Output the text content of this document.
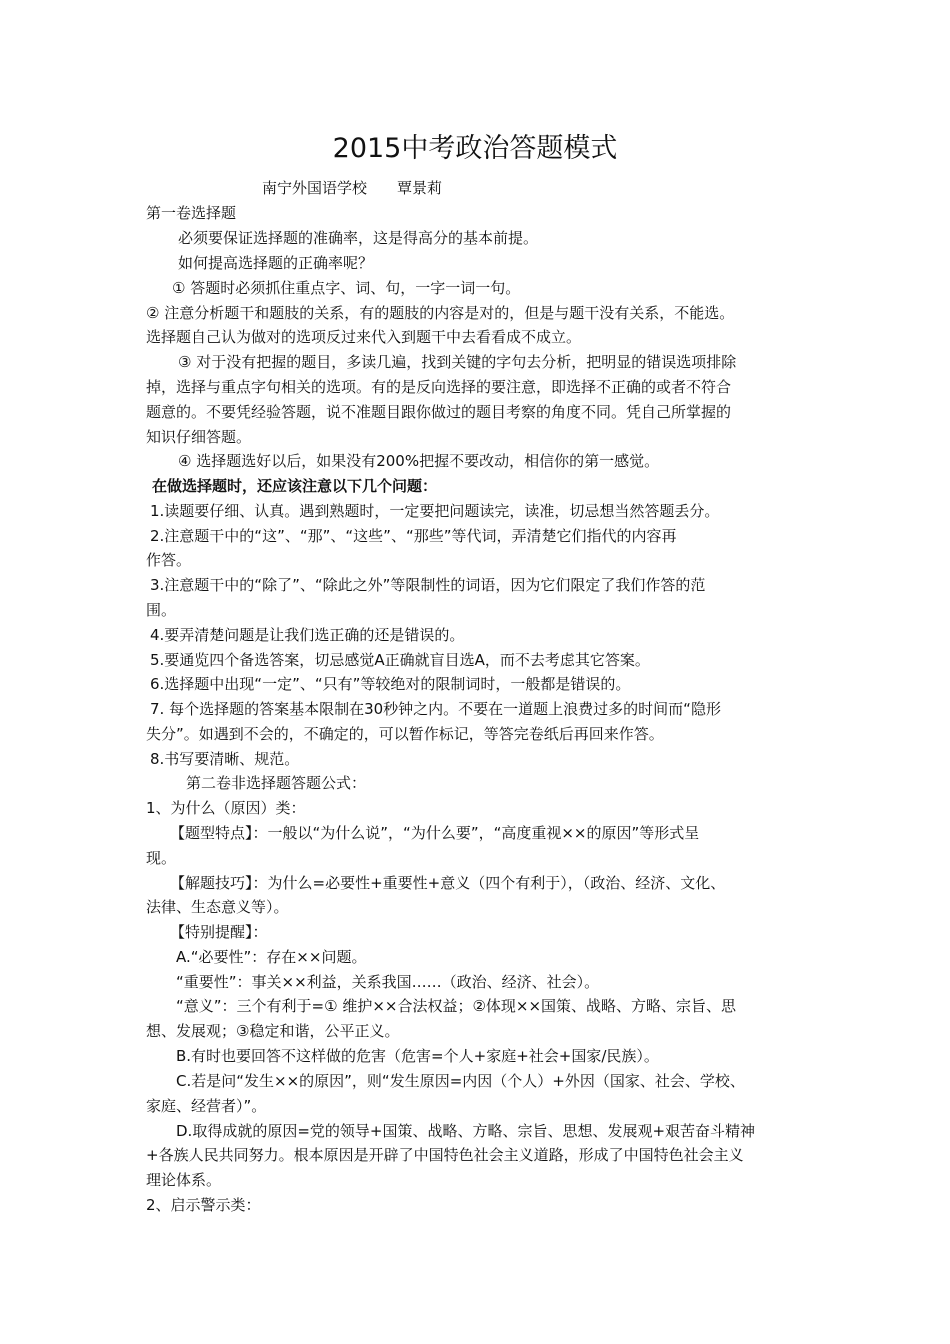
2015中考政治答题模式
南宁外国语学校　　覃景莉
第一卷选择题
必须要保证选择题的准确率，这是得高分的基本前提。
如何提高选择题的正确率呢？
① 答题时必须抓住重点字、词、句，一字一词一句。
② 注意分析题干和题肢的关系，有的题肢的内容是对的，但是与题干没有关系，不能选。
选择题自己认为做对的选项反过来代入到题干中去看看成不成立。
③ 对于没有把握的题目，多读几遍，找到关键的字句去分析，把明显的错误选项排除
掉，选择与重点字句相关的选项。有的是反向选择的要注意，即选择不正确的或者不符合
题意的。不要凭经验答题，说不准题目跟你做过的题目考察的角度不同。凭自己所掌握的
知识仔细答题。
④ 选择题选好以后，如果没有200%把握不要改动，相信你的第一感觉。
在做选择题时，还应该注意以下几个问题：
1.读题要仔细、认真。遇到熟题时，一定要把问题读完，读准，切忌想当然答题丢分。
2.注意题干中的“这”、“那”、“这些”、“那些”等代词，弄清楚它们指代的内容再
作答。
3.注意题干中的“除了”、“除此之外”等限制性的词语，因为它们限定了我们作答的范
围。
4.要弄清楚问题是让我们选正确的还是错误的。
5.要通览四个备选答案，切忌感觉A正确就盲目选A，而不去考虑其它答案。
6.选择题中出现“一定”、“只有”等较绝对的限制词时，一般都是错误的。
7. 每个选择题的答案基本限制在30秒钟之内。不要在一道题上浪费过多的时间而“隐形
失分”。如遇到不会的，不确定的，可以暂作标记，等答完卷纸后再回来作答。
8.书写要清晰、规范。
第二卷非选择题答题公式：
1、为什么（原因）类：
【题型特点】：一般以“为什么说”，“为什么要”，“高度重视××的原因”等形式呈
现。
【解题技巧】：为什么=必要性+重要性+意义（四个有利于），（政治、经济、文化、
法律、生态意义等）。
【特别提醒】：
A.“必要性”：存在××问题。
“重要性”：事关××利益，关系我国……（政治、经济、社会）。
“意义”：三个有利于=① 维护××合法权益；②体现××国策、战略、方略、宗旨、思
想、发展观；③稳定和谐，公平正义。
B.有时也要回答不这样做的危害（危害=个人+家庭+社会+国家/民族）。
C.若是问“发生××的原因”，则“发生原因=内因（个人）+外因（国家、社会、学校、
家庭、经营者）”。
D.取得成就的原因=党的领导+国策、战略、方略、宗旨、思想、发展观+艰苦奋斗精神
+各族人民共同努力。根本原因是开辟了中国特色社会主义道路，形成了中国特色社会主义
理论体系。
2、启示警示类：
